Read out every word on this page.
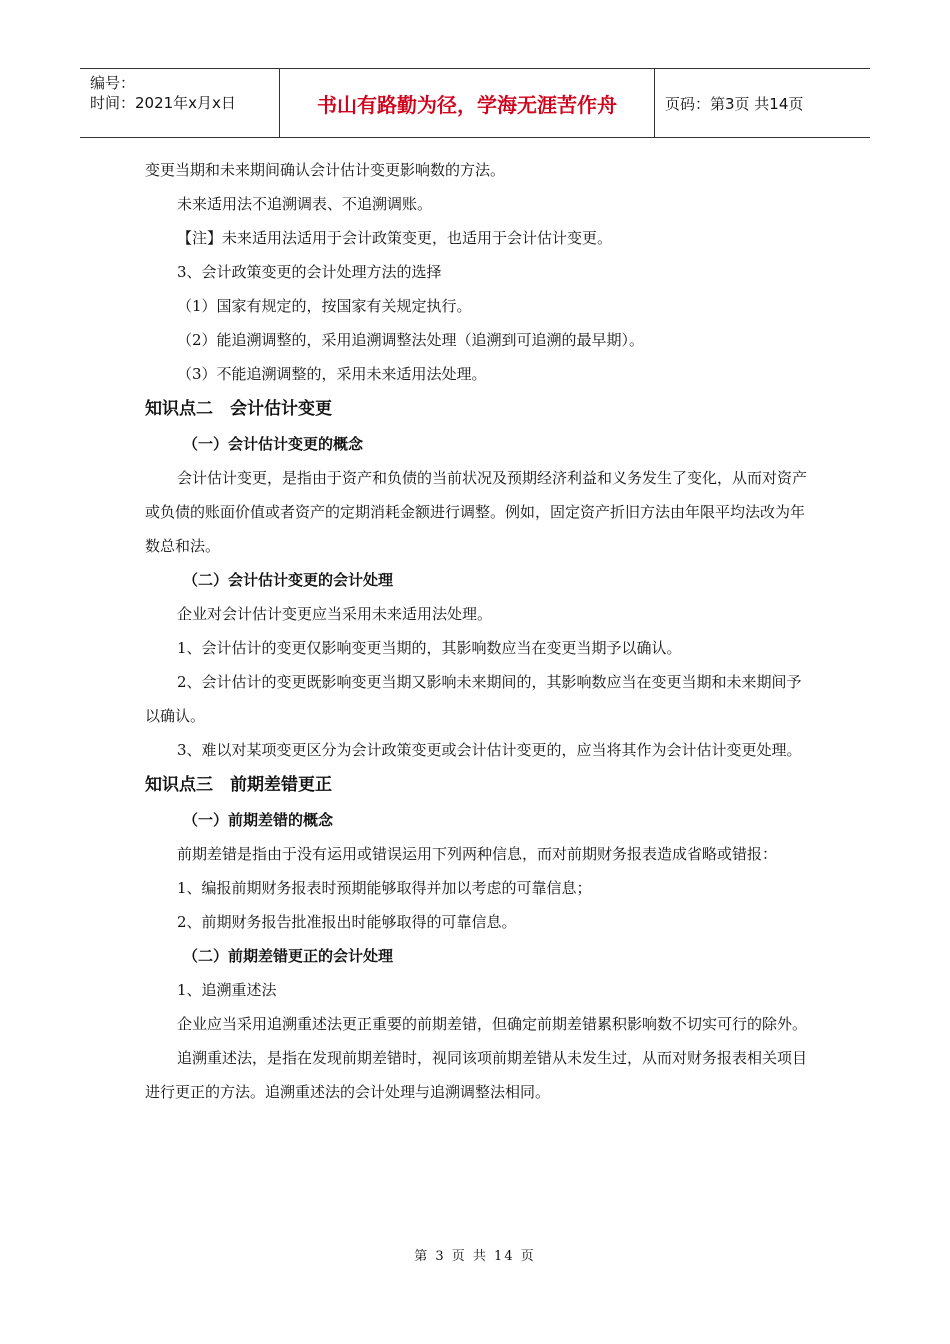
编号：
时间：2021年x月x日	书山有路勤为径，学海无涯苦作舟	页码：第3页 共14页

变更当期和未来期间确认会计估计变更影响数的方法。

未来适用法不追溯调表、不追溯调账。

【注】未来适用法适用于会计政策变更，也适用于会计估计变更。

3、会计政策变更的会计处理方法的选择

（1）国家有规定的，按国家有关规定执行。

（2）能追溯调整的，采用追溯调整法处理（追溯到可追溯的最早期）。

（3）不能追溯调整的，采用未来适用法处理。

知识点二　会计估计变更
（一）会计估计变更的概念

会计估计变更，是指由于资产和负债的当前状况及预期经济利益和义务发生了变化，从而对资产或负债的账面价值或者资产的定期消耗金额进行调整。例如，固定资产折旧方法由年限平均法改为年数总和法。

（二）会计估计变更的会计处理

企业对会计估计变更应当采用未来适用法处理。

1、会计估计的变更仅影响变更当期的，其影响数应当在变更当期予以确认。

2、会计估计的变更既影响变更当期又影响未来期间的，其影响数应当在变更当期和未来期间予以确认。

3、难以对某项变更区分为会计政策变更或会计估计变更的，应当将其作为会计估计变更处理。

知识点三　前期差错更正
（一）前期差错的概念

前期差错是指由于没有运用或错误运用下列两种信息，而对前期财务报表造成省略或错报：

1、编报前期财务报表时预期能够取得并加以考虑的可靠信息；

2、前期财务报告批准报出时能够取得的可靠信息。

（二）前期差错更正的会计处理

1、追溯重述法

企业应当采用追溯重述法更正重要的前期差错，但确定前期差错累积影响数不切实可行的除外。

追溯重述法，是指在发现前期差错时，视同该项前期差错从未发生过，从而对财务报表相关项目进行更正的方法。追溯重述法的会计处理与追溯调整法相同。

第 3 页 共 14 页
